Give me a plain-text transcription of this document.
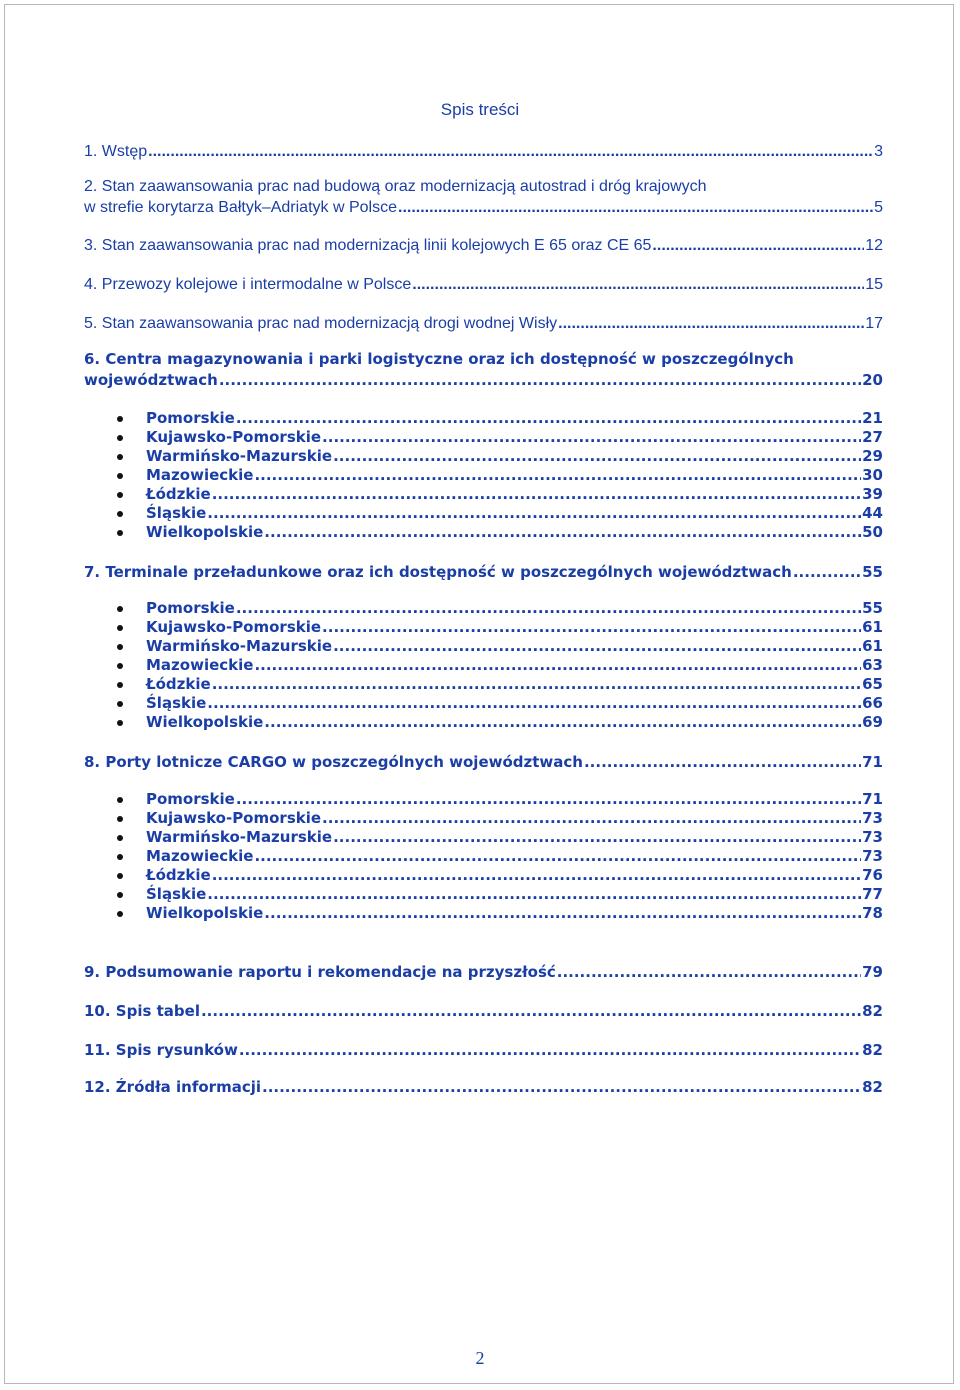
Spis treści
1. Wstęp .....	3
2. Stan zaawansowania prac nad budową oraz modernizacją autostrad i dróg krajowych
w strefie korytarza Bałtyk–Adriatyk w Polsce .....	5
3. Stan zaawansowania prac nad modernizacją linii kolejowych E 65 oraz CE 65 .....	12
4. Przewozy kolejowe i intermodalne w Polsce .....	15
5. Stan zaawansowania prac nad modernizacją drogi wodnej Wisły .....	17
6. Centra magazynowania i parki logistyczne oraz ich dostępność w poszczególnych
województwach .....	20
Pomorskie .....	21
Kujawsko-Pomorskie .....	27
Warmińsko-Mazurskie .....	29
Mazowieckie .....	30
Łódzkie .....	39
Śląskie .....	44
Wielkopolskie .....	50
7. Terminale przeładunkowe oraz ich dostępność w poszczególnych województwach .....	55
Pomorskie .....	55
Kujawsko-Pomorskie .....	61
Warmińsko-Mazurskie .....	61
Mazowieckie .....	63
Łódzkie .....	65
Śląskie .....	66
Wielkopolskie .....	69
8. Porty lotnicze CARGO w poszczególnych województwach .....	71
Pomorskie .....	71
Kujawsko-Pomorskie .....	73
Warmińsko-Mazurskie .....	73
Mazowieckie .....	73
Łódzkie .....	76
Śląskie .....	77
Wielkopolskie .....	78
9. Podsumowanie raportu i rekomendacje na przyszłość .....	79
10. Spis tabel .....	82
11. Spis rysunków .....	82
12. Źródła informacji .....	82
2
